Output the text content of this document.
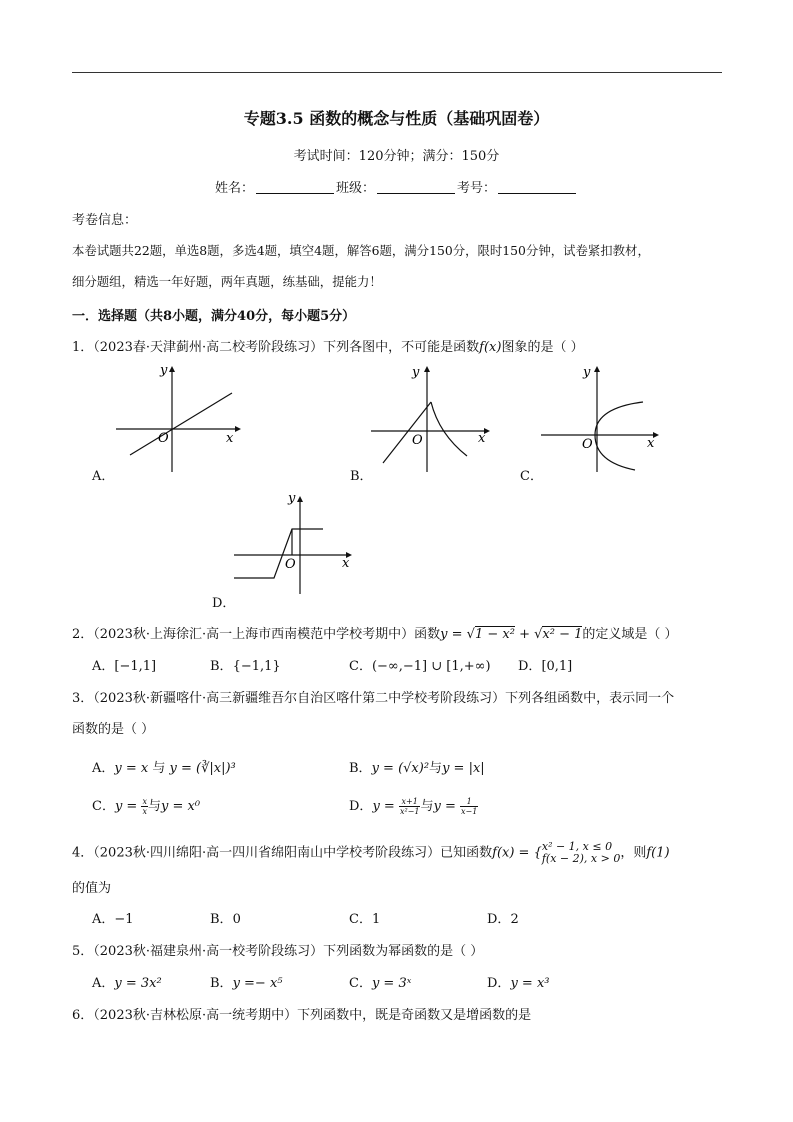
专题3.5 函数的概念与性质（基础巩固卷）
考试时间：120分钟；满分：150分
姓名：	班级：	考号：
考卷信息：
本卷试题共22题，单选8题，多选4题，填空4题，解答6题，满分150分，限时150分钟，试卷紧扣教材，
细分题组，精选一年好题，两年真题，练基础，提能力！
一．选择题（共8小题，满分40分，每小题5分）
1．（2023春·天津蓟州·高二校考阶段练习）下列各图中，不可能是函数f(x)图象的是（ ）
y
x
O
A．
y
x
O
B．
y
x
O
C．
y
x
O
D．
2．（2023秋·上海徐汇·高一上海市西南模范中学校考期中）函数y = √1 − x² + √x² − 1的定义域是（ ）
A．[−1,1]	B．{−1,1}	C．(−∞,−1] ∪ [1,+∞) D．[0,1]
3．（2023秋·新疆喀什·高三新疆维吾尔自治区喀什第二中学校考阶段练习）下列各组函数中，表示同一个
函数的是（ ）
A．y = x 与 y = (∛|x|)³	B．y = (√x)²与y = |x|
C．$y = \frac{x}{x}$ 与y = x⁰	D．$y = \frac{x+1}{\text{x²−1}}$ 与$y = \frac{1}{x-1}$
4．（2023秋·四川绵阳·高一四川省绵阳南山中学校考阶段练习）已知函数f(x) = { x² − 1, x ≤ 0
f(x − 2), x > 0 ，则f(1)
的值为
A．−1	B．0	C．1	D．2
5．（2023秋·福建泉州·高一校考阶段练习）下列函数为幂函数的是（ ）
A．y = 3x²	B．y =− x⁵	C．y = 3ˣ	D．y = x³
6．（2023秋·吉林松原·高一统考期中）下列函数中，既是奇函数又是增函数的是
